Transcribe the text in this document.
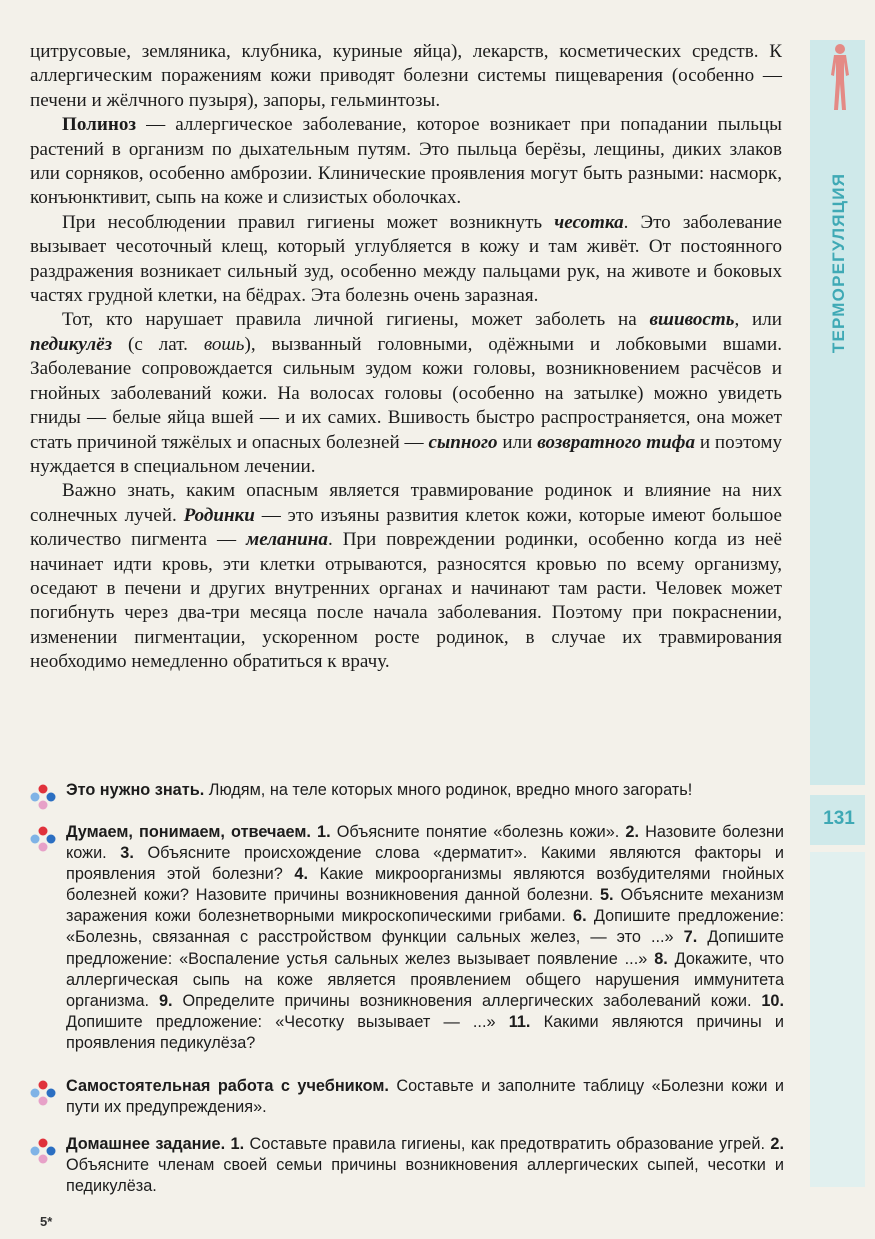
ТЕРМОРЕГУЛЯЦИЯ
131

цитрусовые, земляника, клубника, куриные яйца), лекарств, косметических средств. К аллергическим поражениям кожи приводят болезни системы пищеварения (особенно — печени и жёлчного пузыря), запоры, гельминтозы.

Полиноз — аллергическое заболевание, которое возникает при попадании пыльцы растений в организм по дыхательным путям. Это пыльца берёзы, лещины, диких злаков или сорняков, особенно амброзии. Клинические проявления могут быть разными: насморк, конъюнктивит, сыпь на коже и слизистых оболочках.

При несоблюдении правил гигиены может возникнуть чесотка. Это заболевание вызывает чесоточный клещ, который углубляется в кожу и там живёт. От постоянного раздражения возникает сильный зуд, особенно между пальцами рук, на животе и боковых частях грудной клетки, на бёдрах. Эта болезнь очень заразная.

Тот, кто нарушает правила личной гигиены, может заболеть на вшивость, или педикулёз (с лат. вошь), вызванный головными, одёжными и лобковыми вшами. Заболевание сопровождается сильным зудом кожи головы, возникновением расчёсов и гнойных заболеваний кожи. На волосах головы (особенно на затылке) можно увидеть гниды — белые яйца вшей — и их самих. Вшивость быстро распространяется, она может стать причиной тяжёлых и опасных болезней — сыпного или возвратного тифа и поэтому нуждается в специальном лечении.

Важно знать, каким опасным является травмирование родинок и влияние на них солнечных лучей. Родинки — это изъяны развития клеток кожи, которые имеют большое количество пигмента — меланина. При повреждении родинки, особенно когда из неё начинает идти кровь, эти клетки отрываются, разносятся кровью по всему организму, оседают в печени и других внутренних органах и начинают там расти. Человек может погибнуть через два-три месяца после начала заболевания. Поэтому при покраснении, изменении пигментации, ускоренном росте родинок, в случае их травмирования необходимо немедленно обратиться к врачу.

Это нужно знать. Людям, на теле которых много родинок, вредно много загорать!
Думаем, понимаем, отвечаем. 1. Объясните понятие «болезнь кожи». 2. Назовите болезни кожи. 3. Объясните происхождение слова «дерматит». Какими являются факторы и проявления этой болезни? 4. Какие микроорганизмы являются возбудителями гнойных болезней кожи? Назовите причины возникновения данной болезни. 5. Объясните механизм заражения кожи болезнетворными микроскопическими грибами. 6. Допишите предложение: «Болезнь, связанная с расстройством функции сальных желез, — это ...» 7. Допишите предложение: «Воспаление устья сальных желез вызывает появление ...» 8. Докажите, что аллергическая сыпь на коже является проявлением общего нарушения иммунитета организма. 9. Определите причины возникновения аллергических заболеваний кожи. 10. Допишите предложение: «Чесотку вызывает — ...» 11. Какими являются причины и проявления педикулёза?
Самостоятельная работа с учебником. Составьте и заполните таблицу «Болезни кожи и пути их предупреждения».
Домашнее задание. 1. Составьте правила гигиены, как предотвратить образование угрей. 2. Объясните членам своей семьи причины возникновения аллергических сыпей, чесотки и педикулёза.
5*
